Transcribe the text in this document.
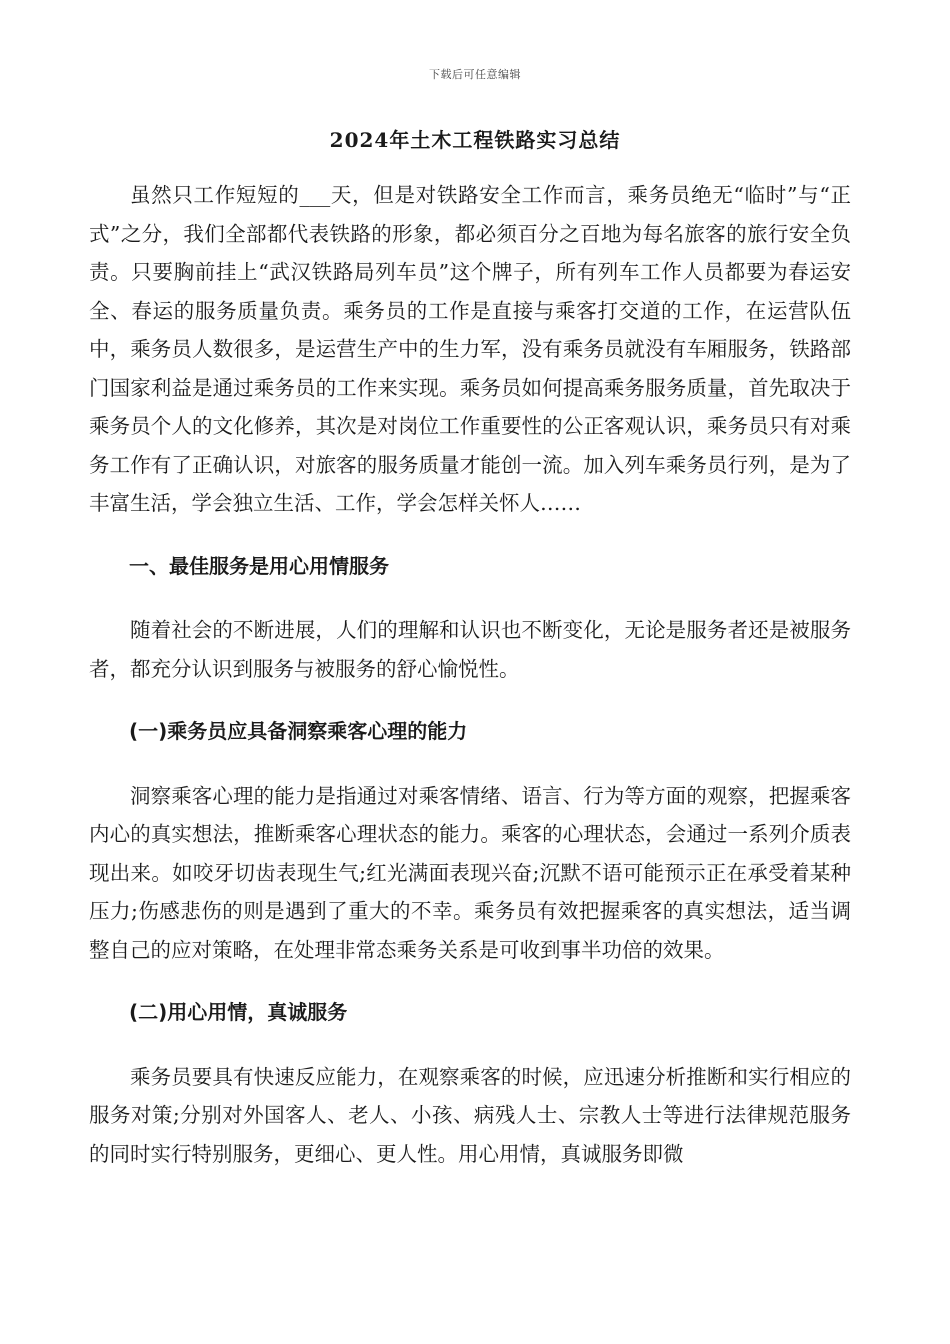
下载后可任意编辑
2024年土木工程铁路实习总结

虽然只工作短短的___天，但是对铁路安全工作而言，乘务员绝无“临时”与“正式”之分，我们全部都代表铁路的形象，都必须百分之百地为每名旅客的旅行安全负责。只要胸前挂上“武汉铁路局列车员”这个牌子，所有列车工作人员都要为春运安全、春运的服务质量负责。乘务员的工作是直接与乘客打交道的工作，在运营队伍中，乘务员人数很多，是运营生产中的生力军，没有乘务员就没有车厢服务，铁路部门国家利益是通过乘务员的工作来实现。乘务员如何提高乘务服务质量，首先取决于乘务员个人的文化修养，其次是对岗位工作重要性的公正客观认识，乘务员只有对乘务工作有了正确认识，对旅客的服务质量才能创一流。加入列车乘务员行列，是为了丰富生活，学会独立生活、工作，学会怎样关怀人……

一、最佳服务是用心用情服务

随着社会的不断进展，人们的理解和认识也不断变化，无论是服务者还是被服务者，都充分认识到服务与被服务的舒心愉悦性。

(一)乘务员应具备洞察乘客心理的能力

洞察乘客心理的能力是指通过对乘客情绪、语言、行为等方面的观察，把握乘客内心的真实想法，推断乘客心理状态的能力。乘客的心理状态，会通过一系列介质表现出来。如咬牙切齿表现生气;红光满面表现兴奋;沉默不语可能预示正在承受着某种压力;伤感悲伤的则是遇到了重大的不幸。乘务员有效把握乘客的真实想法，适当调整自己的应对策略，在处理非常态乘务关系是可收到事半功倍的效果。

(二)用心用情，真诚服务

乘务员要具有快速反应能力，在观察乘客的时候，应迅速分析推断和实行相应的服务对策;分别对外国客人、老人、小孩、病残人士、宗教人士等进行法律规范服务的同时实行特别服务，更细心、更人性。用心用情，真诚服务即微
